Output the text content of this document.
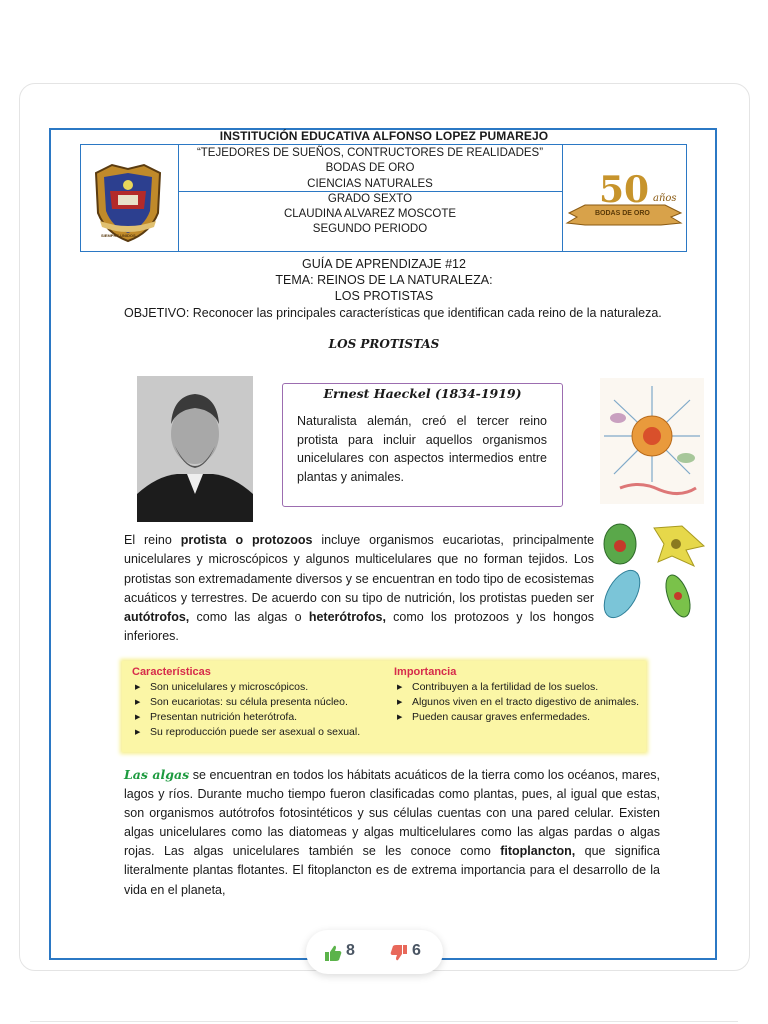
INSTITUCIÓN EDUCATIVA ALFONSO LOPEZ PUMAREJO
SIEMPRE UNIDOS
“TEJEDORES DE SUEÑOS, CONTRUCTORES DE REALIDADES”
BODAS DE ORO
CIENCIAS NATURALES
GRADO SEXTO
CLAUDINA ALVAREZ MOSCOTE
SEGUNDO PERIODO
50 años
BODAS DE ORO
GUÍA DE APRENDIZAJE #12
TEMA: REINOS DE LA NATURALEZA:
LOS PROTISTAS
OBJETIVO: Reconocer las principales características que identifican cada reino de la naturaleza.
LOS PROTISTAS
Ernest Haeckel (1834-1919)
Naturalista alemán, creó el tercer reino protista para incluir aquellos organismos unicelulares con aspectos intermedios entre plantas y animales.
El reino protista o protozoos incluye organismos eucariotas, principalmente unicelulares y microscópicos y algunos multicelulares que no forman tejidos. Los protistas son extremadamente diversos y se encuentran en todo tipo de ecosistemas acuáticos y terrestres. De acuerdo con su tipo de nutrición, los protistas pueden ser autótrofos, como las algas o heterótrofos, como los protozoos y los hongos inferiores.
Características
▶ Son unicelulares y microscópicos.
▶ Son eucariotas: su célula presenta núcleo.
▶ Presentan nutrición heterótrofa.
▶ Su reproducción puede ser asexual o sexual.
Importancia
▶ Contribuyen a la fertilidad de los suelos.
▶ Algunos viven en el tracto digestivo de animales.
▶ Pueden causar graves enfermedades.
Las algas se encuentran en todos los hábitats acuáticos de la tierra como los océanos, mares, lagos y ríos. Durante mucho tiempo fueron clasificadas como plantas, pues, al igual que estas, son organismos autótrofos fotosintéticos y sus células cuentas con una pared celular. Existen algas unicelulares como las diatomeas y algas multicelulares como las algas pardas o algas rojas. Las algas unicelulares también se les conoce como fitoplancton, que significa literalmente plantas flotantes. El fitoplancton es de extrema importancia para el desarrollo de la vida en el planeta,
8	6
